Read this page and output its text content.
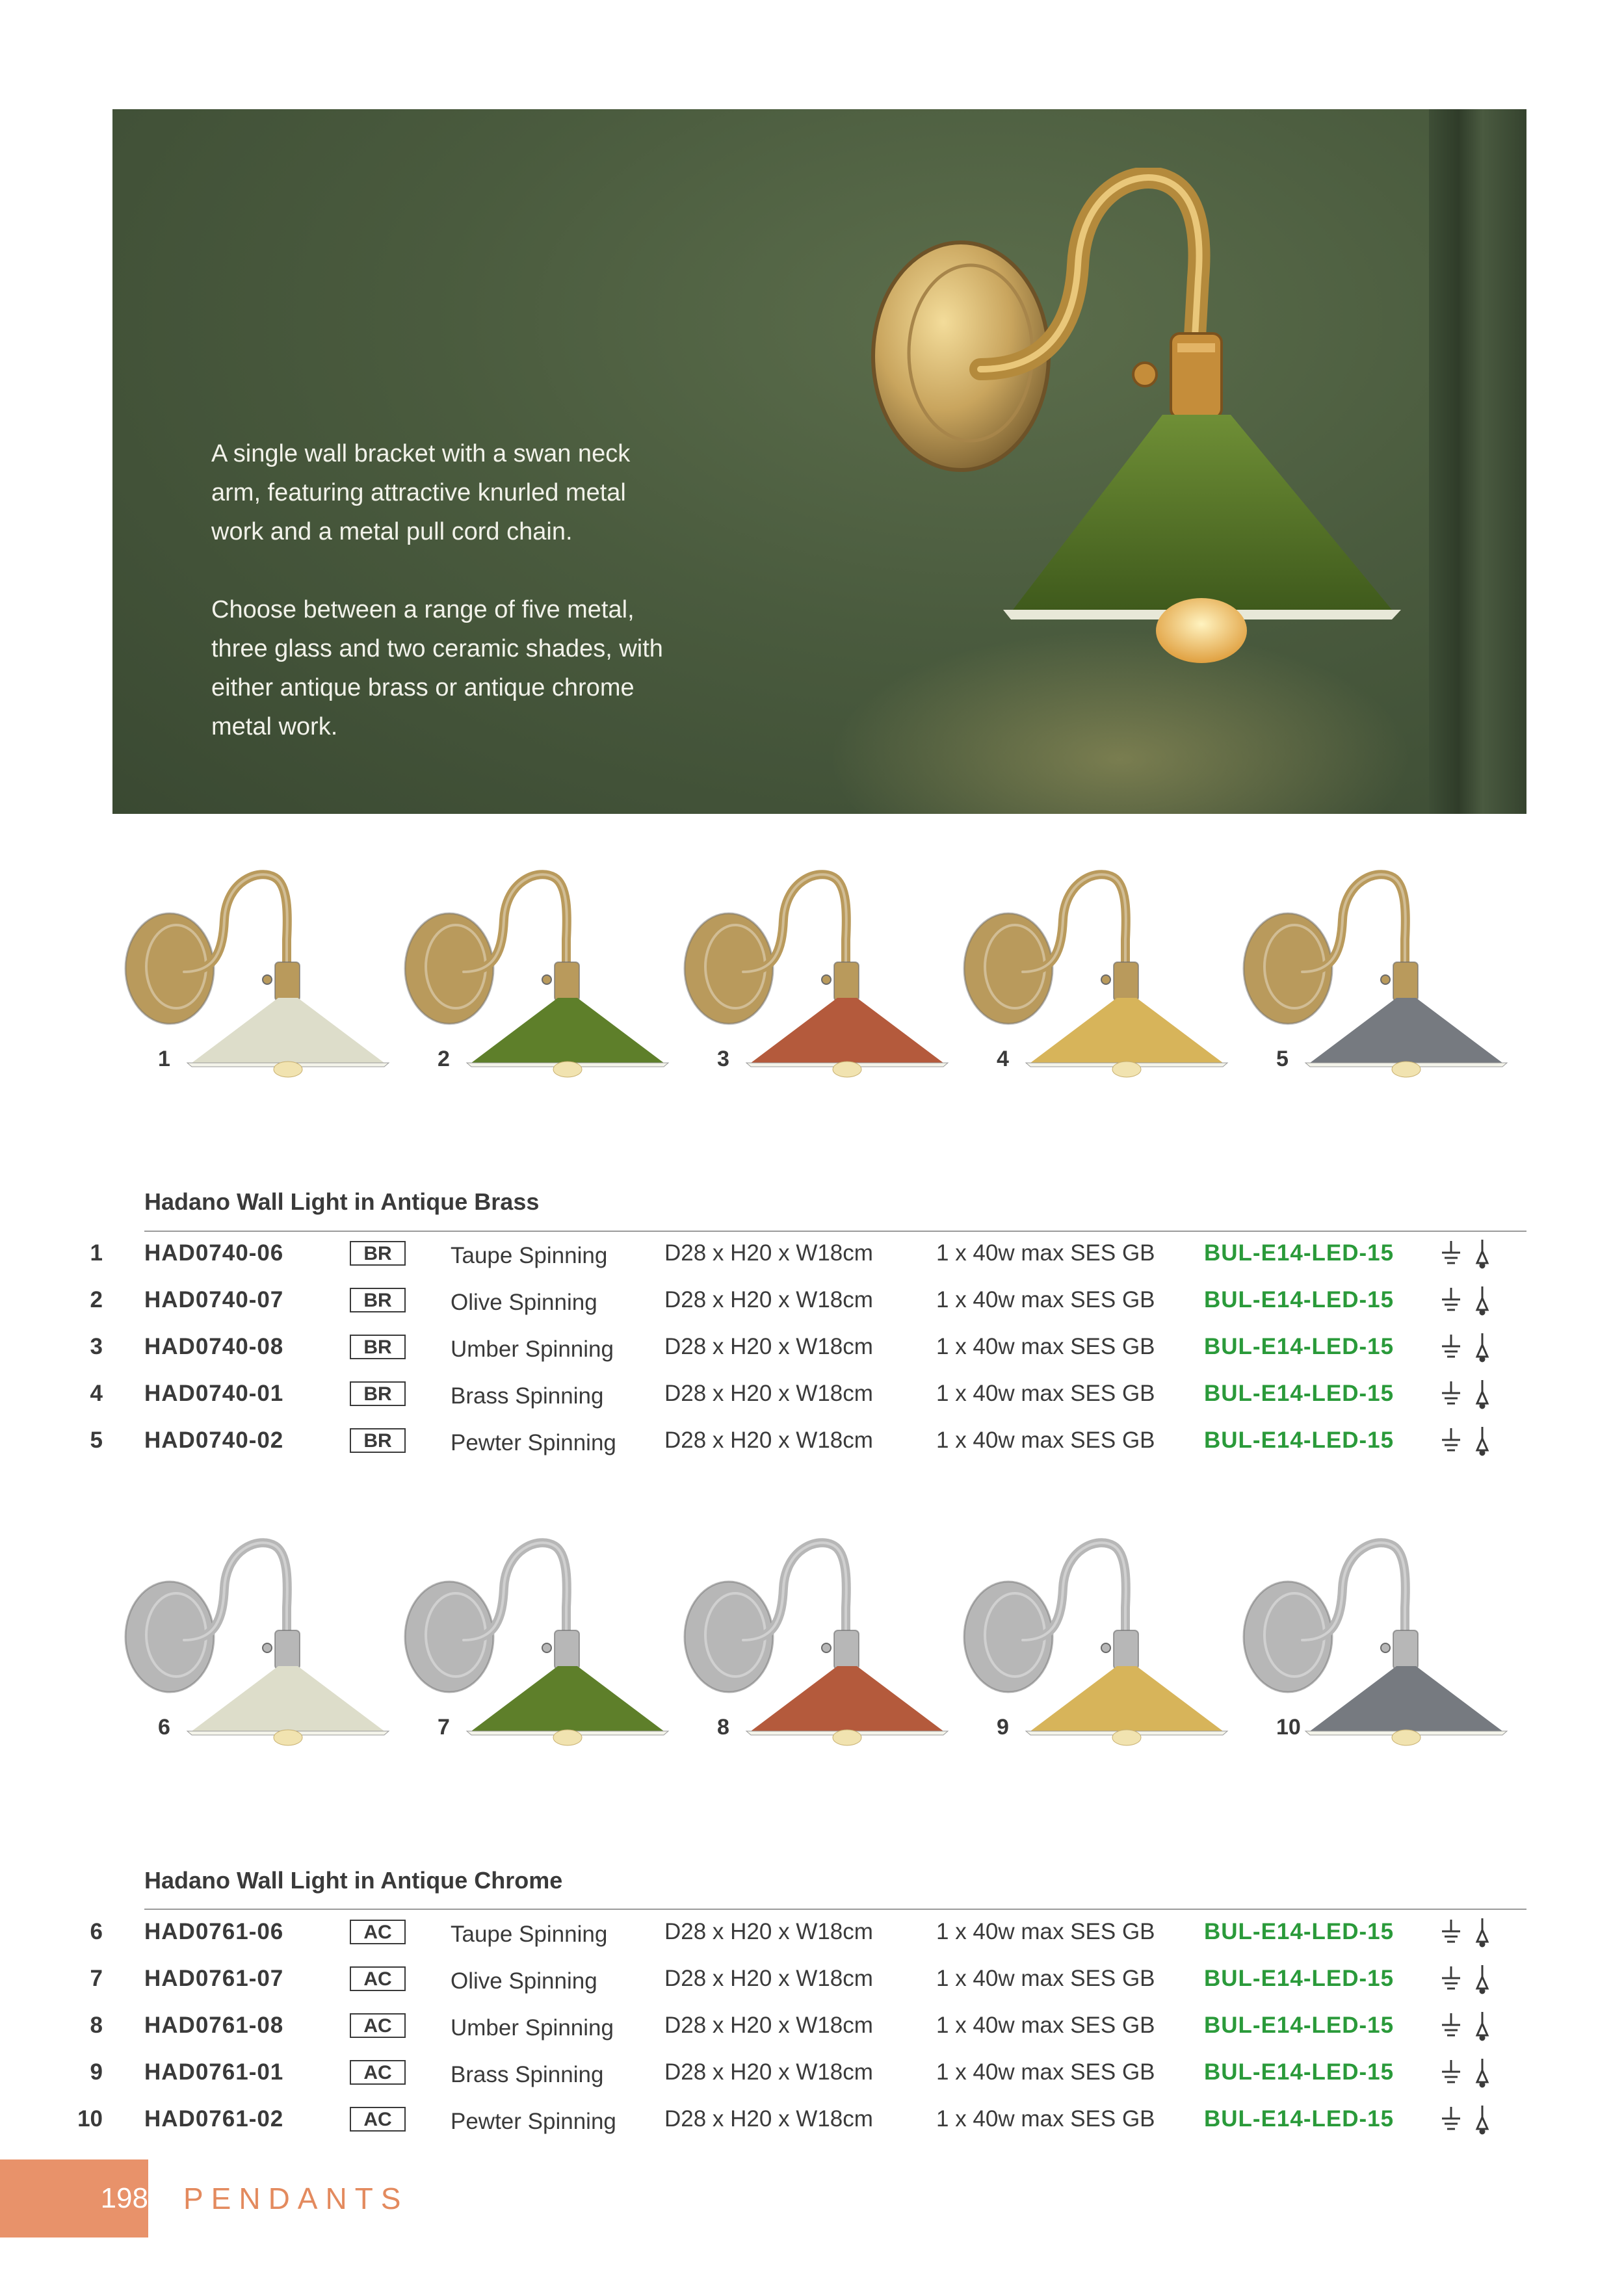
A single wall bracket with a swan neck arm, featuring attractive knurled metal work and a metal pull cord chain.

Choose between a range of five metal, three glass and two ceramic shades, with either antique brass or antique chrome metal work.

1	2	3	4	5
6	7	8	9	10
Hadano Wall Light in Antique Brass
1 HAD0740-06	BR	Taupe Spinning	D28 x H20 x W18cm	1 x 40w max SES GB BUL-E14-LED-15
2 HAD0740-07	BR	Olive Spinning	D28 x H20 x W18cm	1 x 40w max SES GB BUL-E14-LED-15
3 HAD0740-08	BR	Umber Spinning D28 x H20 x W18cm	1 x 40w max SES GB BUL-E14-LED-15
4 HAD0740-01	BR	Brass Spinning	D28 x H20 x W18cm	1 x 40w max SES GB BUL-E14-LED-15
5 HAD0740-02	BR	Pewter Spinning D28 x H20 x W18cm	1 x 40w max SES GB BUL-E14-LED-15
Hadano Wall Light in Antique Chrome
6 HAD0761-06	AC	Taupe Spinning	D28 x H20 x W18cm	1 x 40w max SES GB BUL-E14-LED-15
7 HAD0761-07	AC	Olive Spinning	D28 x H20 x W18cm	1 x 40w max SES GB BUL-E14-LED-15
8 HAD0761-08	AC	Umber Spinning D28 x H20 x W18cm	1 x 40w max SES GB BUL-E14-LED-15
9 HAD0761-01	AC	Brass Spinning	D28 x H20 x W18cm	1 x 40w max SES GB BUL-E14-LED-15
10 HAD0761-02	AC	Pewter Spinning D28 x H20 x W18cm	1 x 40w max SES GB BUL-E14-LED-15
198 PENDANTS
